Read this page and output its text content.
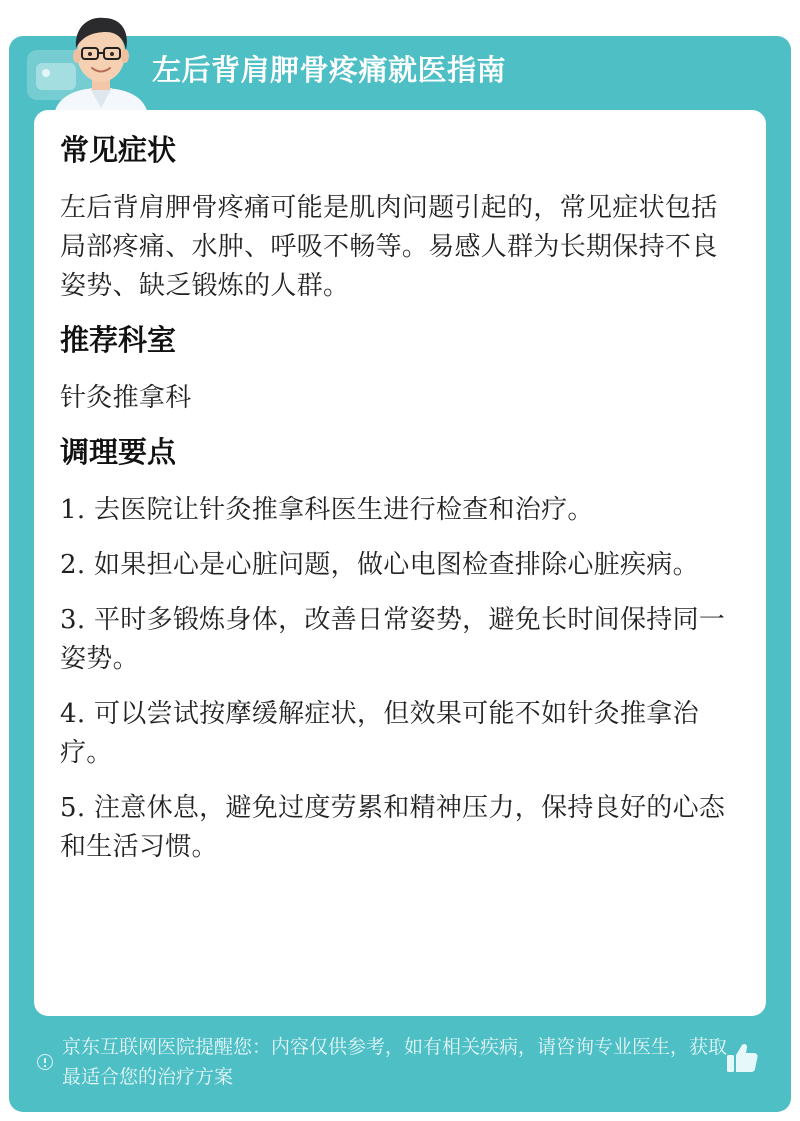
左后背肩胛骨疼痛就医指南
常见症状
左后背肩胛骨疼痛可能是肌肉问题引起的，常见症状包括局部疼痛、水肿、呼吸不畅等。易感人群为长期保持不良姿势、缺乏锻炼的人群。
推荐科室
针灸推拿科
调理要点
1. 去医院让针灸推拿科医生进行检查和治疗。
2. 如果担心是心脏问题，做心电图检查排除心脏疾病。
3. 平时多锻炼身体，改善日常姿势，避免长时间保持同一姿势。
4. 可以尝试按摩缓解症状，但效果可能不如针灸推拿治疗。
5. 注意休息，避免过度劳累和精神压力，保持良好的心态和生活习惯。
京东互联网医院提醒您：内容仅供参考，如有相关疾病，请咨询专业医生，获取最适合您的治疗方案
